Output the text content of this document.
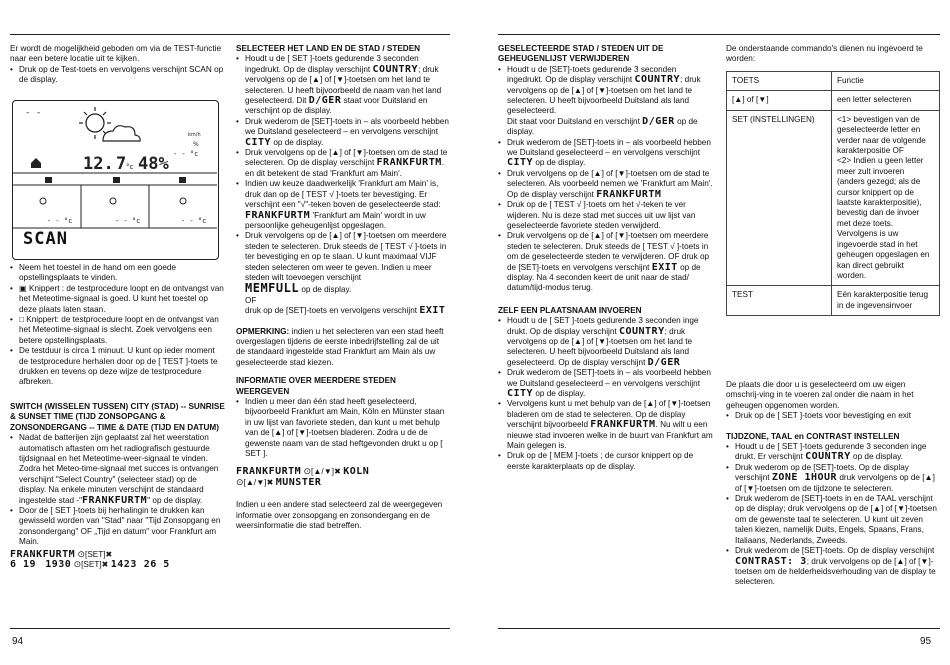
Er wordt de mogelijkheid geboden om via de TEST-functie naar een betere locatie uit te kijken.

• Druk op de Test-toets en vervolgens verschijnt SCAN op de display.
- -
km/h
%
- - °c
12. 7 °c 48%
- - °c	- - °c	- - °c
SCAN
• Neem het toestel in de hand om een goede opstellingsplaats te vinden.
• ▣ Knippert : de testprocedure loopt en de ontvangst van het Meteotime-signaal is goed. U kunt het toestel op deze plaats laten staan.
• □ Knippert: de testprocedure loopt en de ontvangst van het Meteotime-signaal is slecht. Zoek vervolgens een betere opstellingsplaats.
• De testduur is circa 1 minuut. U kunt op ieder moment de testprocedure herhalen door op de [ TEST ]-toets te drukken en tevens op deze wijze de testprocedure afbreken.

SWITCH (WISSELEN TUSSEN) CITY (STAD) -- SUNRISE & SUNSET TIME (TIJD ZONSOPGANG & ZONSONDERGANG -- TIME & DATE (TIJD EN DATUM)

• Nadat de batterijen zijn geplaatst zal het weerstation automatisch aftasten om het radiografisch gestuurde tijdsignaal en het Meteotime-weer-signaal te vinden. Zodra het Meteo-time-signaal met succes is ontvangen verschijnt "Select Country" (selecteer stad) op de display. Na enkele minuten verschijnt de standaard ingestelde stad -"FRANKFURTM" op de display.
• Door de [ SET ]-toets bij herhalingin te drukken kan gewisseld worden van "Stad" naar "Tijd Zonsopgang en zonsondergang" OF „Tijd en datum" voor Frankfurt am Main.

FRANKFURTM ⊙[SET]✖

6 19 1930 ⊙[SET]✖ 1423 26 5

SELECTEER HET LAND EN DE STAD / STEDEN

• Houdt u de [ SET ]-toets gedurende 3 seconden ingedrukt. Op de display verschijnt COUNTRY; druk vervolgens op de [▲] of [▼]-toetsen om het land te selecteren. U heeft bijvoorbeeld de naam van het land geselecteerd. Dit D/GER staat voor Duitsland en verschijnt op de display.
• Druk wederom de [SET]-toets in – als voorbeeld hebben we Duitsland geselecteerd – en vervolgens verschijnt CITY op de display.
• Druk vervolgens op de [▲] of [▼]-toetsen om de stad te selecteren. Op de display verschijnt FRANKFURTM. en dit betekent de stad 'Frankfurt am Main'.
• Indien uw keuze daadwerkelijk 'Frankfurt am Main' is, druk dan op de [ TEST √ ]-toets ter bevestiging. Er verschijnt een "√"-teken boven de geselecteerde stad: FRANKFURTM 'Frankfurt am Main' wordt in uw persoonlijke geheugenlijst opgeslagen.
• Druk vervolgens op de [▲] of [▼]-toetsen om meerdere steden te selecteren. Druk steeds de [ TEST √ ]-toets in ter bevestiging en op te slaan. U kunt maximaal VIJF steden selecteren om weer te geven. Indien u meer steden wilt toevoegen verschijnt
MEMFULL op de display.
OF
druk op de [SET]-toets en vervolgens verschijnt EXIT

OPMERKING: indien u het selecteren van een stad heeft overgeslagen tijdens de eerste inbedrijfstelling zal de uit de standaard ingestelde stad Frankfurt am Main als uw geselecteerde stad kiezen.

INFORMATIE OVER MEERDERE STEDEN WEERGEVEN

• Indien u meer dan één stad heeft geselecteerd, bijvoorbeeld Frankfurt am Main, Köln en Münster staan in uw lijst van favoriete steden, dan kunt u met behulp van de [▲] of [▼]-toetsen bladeren. Zodra u de de gewenste naam van de stad heftgevonden drukt u op [ SET ].

FRANKFURTM ⊙[▲/▼]✖ KOLN
⊙[▲/▼]✖ MUNSTER

Indien u een andere stad selecteerd zal de weergegeven informatie over zonsopgang en zonsondergang en de weersinformatie die stad betreffen.

94

GESELECTEERDE STAD / STEDEN UIT DE GEHEUGENLIJST VERWIJDEREN

• Houdt u de [SET]-toets gedurende 3 seconden ingedrukt. Op de display verschijnt COUNTRY; druk vervolgens op de [▲] of [▼]-toetsen om het land te selecteren. U heeft bijvoorbeeld Duitsland als land geselecteerd.
Dit staat voor Duitsland en verschijnt D/GER op de display.
• Druk wederom de [SET]-toets in – als voorbeeld hebben we Duitsland geselecteerd – en vervolgens verschijnt CITY op de display.
• Druk vervolgens op de [▲] of [▼]-toetsen om de stad te selecteren. Als voorbeeld nemen we 'Frankfurt am Main'. Op de display verschijnt FRANKFURTM
• Druk op de [ TEST √ ]-toets om het √-teken te ver wijderen. Nu is deze stad met succes uit uw lijst van geselecteerde favoriete steden verwijderd.
• Druk vervolgens op de [▲] of [▼]-toetsen om meerdere steden te selecteren. Druk steeds de [ TEST √ ]-toets in om de geselecteerde steden te verwijderen. OF druk op de [SET]-toets en vervolgens verschijnt EXIT op de display. Na 4 seconden keert de unit naar de stad/ datum/tijd-modus terug.

ZELF EEN PLAATSNAAM INVOEREN

• Houdt u de [ SET ]-toets gedurende 3 seconden inge drukt. Op de display verschijnt COUNTRY; druk vervolgens op de [▲] of [▼]-toetsen om het land te selecteren. U heeft bijvoorbeeld Duitsland als land geselecteerd. Op de display verschijnt D/GER
• Druk wederom de [SET]-toets in – als voorbeeld hebben we Duitsland geselecteerd – en vervolgens verschijnt CITY op de display.
• Vervolgens kunt u met behulp van de [▲] of [▼]-toetsen bladeren om de stad te selecteren. Op de display verschijnt bijvoorbeeld FRANKFURTM. Nu wilt u een nieuwe stad invoeren welke in de buurt van Frankfurt am Main gelegen is.
• Druk op de [ MEM ]-toets ; de cursor knippert op de eerste karakterplaats op de display.

De onderstaande commando's dienen nu ingevoerd te worden:

TOETS	Functie
[▲] of [▼]	een letter selecteren
SET (INSTELLINGEN)	<1> bevestigen van de geselecteerde letter en verder naar de volgende karakterpositie OF

<2> Indien u geen letter meer zult invoeren (anders gezegd; als de cursor knippert op de laatste karakterpositie), bevestig dan de invoer met deze toets. Vervolgens is uw ingevoerde stad in het geheugen opgeslagen en kan direct gebruikt worden.

TEST	Eén karakterpositie terug in de ingevensinvoer

De plaats die door u is geselecteerd om uw eigen omschrij-ving in te voeren zal onder die naam in het geheugen opgenomen worden.

• Druk op de [ SET ]-toets voor bevestiging en exit

TIJDZONE, TAAL en CONTRAST INSTELLEN

• Houdt u de [ SET ]-toets gedurende 3 seconden inge drukt. Er verschijnt COUNTRY op de display.
• Druk wederom op de [SET]-toets. Op de display verschijnt ZONE 1HOUR druk vervolgens op de [▲] of [▼]-toetsen om de tijdzone te selecteren.
• Druk wederom de [SET]-toets in en de TAAL verschijnt op de display; druk vervolgens op de [▲] of [▼]-toetsen om de gewenste taal te selecteren. U kunt uit zeven talen kiezen, namelijk Duits, Engels, Spaans, Frans, Italiaans, Nederlands, Zweeds.
• Druk wederom de [SET]-toets. Op de display verschijnt CONTRAST: 3; druk vervolgens op de [▲] of [▼]-toetsen om de helderheidsverhouding van de display te selecteren.
95
